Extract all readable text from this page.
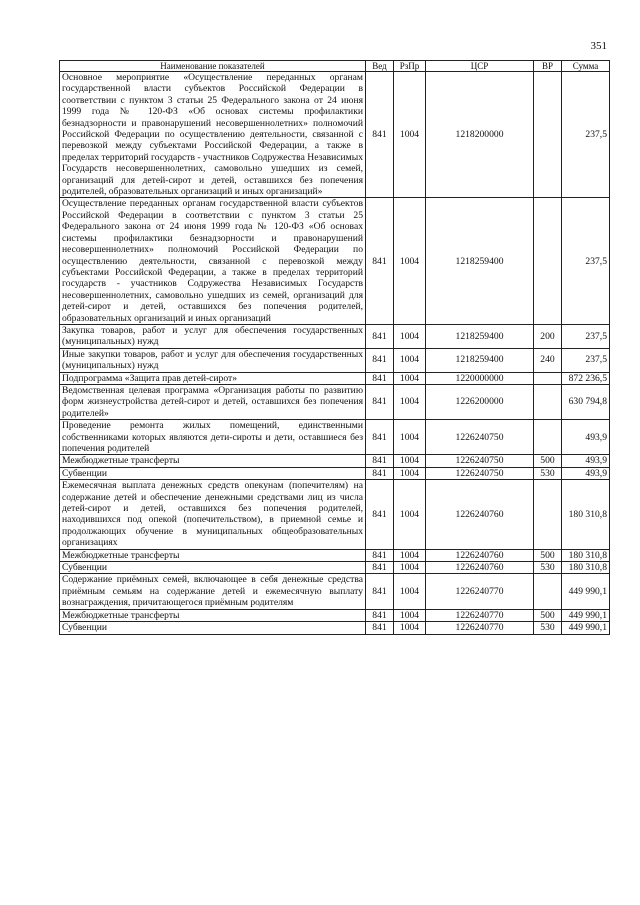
351
Наименование показателей	Вед	РзПр	ЦСР	ВР	Сумма
Основное мероприятие «Осуществление переданных органам государственной власти субъектов Российской Федерации в соответствии с пунктом 3 статьи 25 Федерального закона от 24 июня 1999 года № 120-ФЗ «Об основах системы профилактики безнадзорности и правонарушений несовершеннолетних» полномочий Российской Федерации по осуществлению деятельности, связанной с перевозкой между субъектами Российской Федерации, а также в пределах территорий государств - участников Содружества Независимых Государств несовершеннолетних, самовольно ушедших из семей, организаций для детей-сирот и детей, оставшихся без попечения родителей, образовательных организаций и иных организаций»	841	1004	1218200000		237,5
Осуществление переданных органам государственной власти субъектов Российской Федерации в соответствии с пунктом 3 статьи 25 Федерального закона от 24 июня 1999 года № 120-ФЗ «Об основах системы профилактики безнадзорности и правонарушений несовершеннолетних» полномочий Российской Федерации по осуществлению деятельности, связанной с перевозкой между субъектами Российской Федерации, а также в пределах территорий государств - участников Содружества Независимых Государств несовершеннолетних, самовольно ушедших из семей, организаций для детей-сирот и детей, оставшихся без попечения родителей, образовательных организаций и иных организаций	841	1004	1218259400		237,5
Закупка товаров, работ и услуг для обеспечения государственных (муниципальных) нужд	841	1004	1218259400	200	237,5
Иные закупки товаров, работ и услуг для обеспечения государственных (муниципальных) нужд	841	1004	1218259400	240	237,5
Подпрограмма «Защита прав детей-сирот»	841	1004	1220000000		872 236,5
Ведомственная целевая программа «Организация работы по развитию форм жизнеустройства детей-сирот и детей, оставшихся без попечения родителей»	841	1004	1226200000		630 794,8
Проведение ремонта жилых помещений, единственными собственниками которых являются дети-сироты и дети, оставшиеся без попечения родителей	841	1004	1226240750		493,9
Межбюджетные трансферты	841	1004	1226240750	500	493,9
Субвенции	841	1004	1226240750	530	493,9
Ежемесячная выплата денежных средств опекунам (попечителям) на содержание детей и обеспечение денежными средствами лиц из числа детей-сирот и детей, оставшихся без попечения родителей, находившихся под опекой (попечительством), в приемной семье и продолжающих обучение в муниципальных общеобразовательных организациях	841	1004	1226240760		180 310,8
Межбюджетные трансферты	841	1004	1226240760	500	180 310,8
Субвенции	841	1004	1226240760	530	180 310,8
Содержание приёмных семей, включающее в себя денежные средства приёмным семьям на содержание детей и ежемесячную выплату вознаграждения, причитающегося приёмным родителям	841	1004	1226240770		449 990,1
Межбюджетные трансферты	841	1004	1226240770	500	449 990,1
Субвенции	841	1004	1226240770	530	449 990,1
